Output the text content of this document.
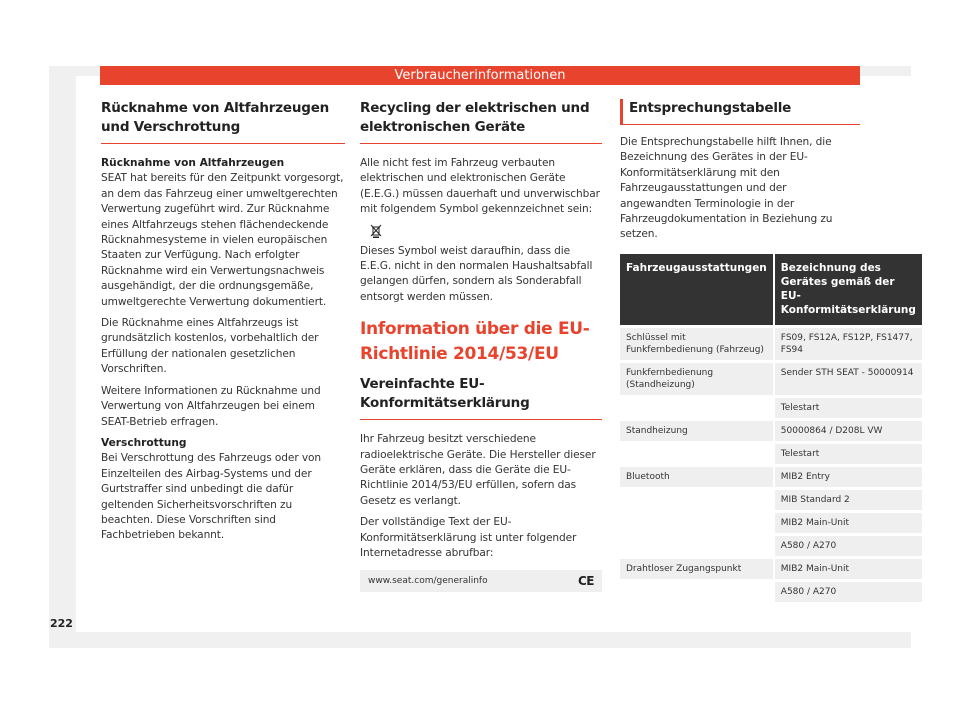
Verbraucherinformationen
Rücknahme von Altfahrzeugen und Verschrottung
Rücknahme von Altfahrzeugen

SEAT hat bereits für den Zeitpunkt vorgesorgt, an dem das Fahrzeug einer umweltgerechten Verwertung zugeführt wird. Zur Rücknahme eines Altfahrzeugs stehen flächendeckende Rücknahmesysteme in vielen europäischen Staaten zur Verfügung. Nach erfolgter Rücknahme wird ein Verwertungsnachweis ausgehändigt, der die ordnungsgemäße, umweltgerechte Verwertung dokumentiert.

Die Rücknahme eines Altfahrzeugs ist grundsätzlich kostenlos, vorbehaltlich der Erfüllung der nationalen gesetzlichen Vorschriften.

Weitere Informationen zu Rücknahme und Verwertung von Altfahrzeugen bei einem SEAT-Betrieb erfragen.

Verschrottung

Bei Verschrottung des Fahrzeugs oder von Einzelteilen des Airbag-Systems und der Gurtstraffer sind unbedingt die dafür geltenden Sicherheitsvorschriften zu beachten. Diese Vorschriften sind Fachbetrieben bekannt.

Recycling der elektrischen und elektronischen Geräte

Alle nicht fest im Fahrzeug verbauten elektrischen und elektronischen Geräte (E.E.G.) müssen dauerhaft und unverwischbar mit folgendem Symbol gekennzeichnet sein:

Dieses Symbol weist daraufhin, dass die E.E.G. nicht in den normalen Haushaltsabfall gelangen dürfen, sondern als Sonderabfall entsorgt werden müssen.

Information über die EU-Richtlinie 2014/53/EU
Vereinfachte EU-Konformitätserklärung

Ihr Fahrzeug besitzt verschiedene radioelektrische Geräte. Die Hersteller dieser Geräte erklären, dass die Geräte die EU-Richtlinie 2014/53/EU erfüllen, sofern das Gesetz es verlangt.

Der vollständige Text der EU-Konformitätserklärung ist unter folgender Internetadresse abrufbar:

www.seat.com/generalinfo	CE
Entsprechungstabelle

Die Entsprechungstabelle hilft Ihnen, die Bezeichnung des Gerätes in der EU-Konformitätserklärung mit den Fahrzeugausstattungen und der angewandten Terminologie in der Fahrzeugdokumentation in Beziehung zu setzen.

Fahrzeugausstattungen	Bezeichnung des Gerätes gemäß der EU-Konformitätserklärung
Schlüssel mit Funkfernbedienung (Fahrzeug)	FS09, FS12A, FS12P, FS1477, FS94
Funkfernbedienung (Standheizung)	Sender STH SEAT - 50000914
	Telestart
Standheizung	50000864 / D208L VW
	Telestart
Bluetooth	MIB2 Entry
	MIB Standard 2
	MIB2 Main-Unit
	A580 / A270
Drahtloser Zugangspunkt	MIB2 Main-Unit
	A580 / A270
222
